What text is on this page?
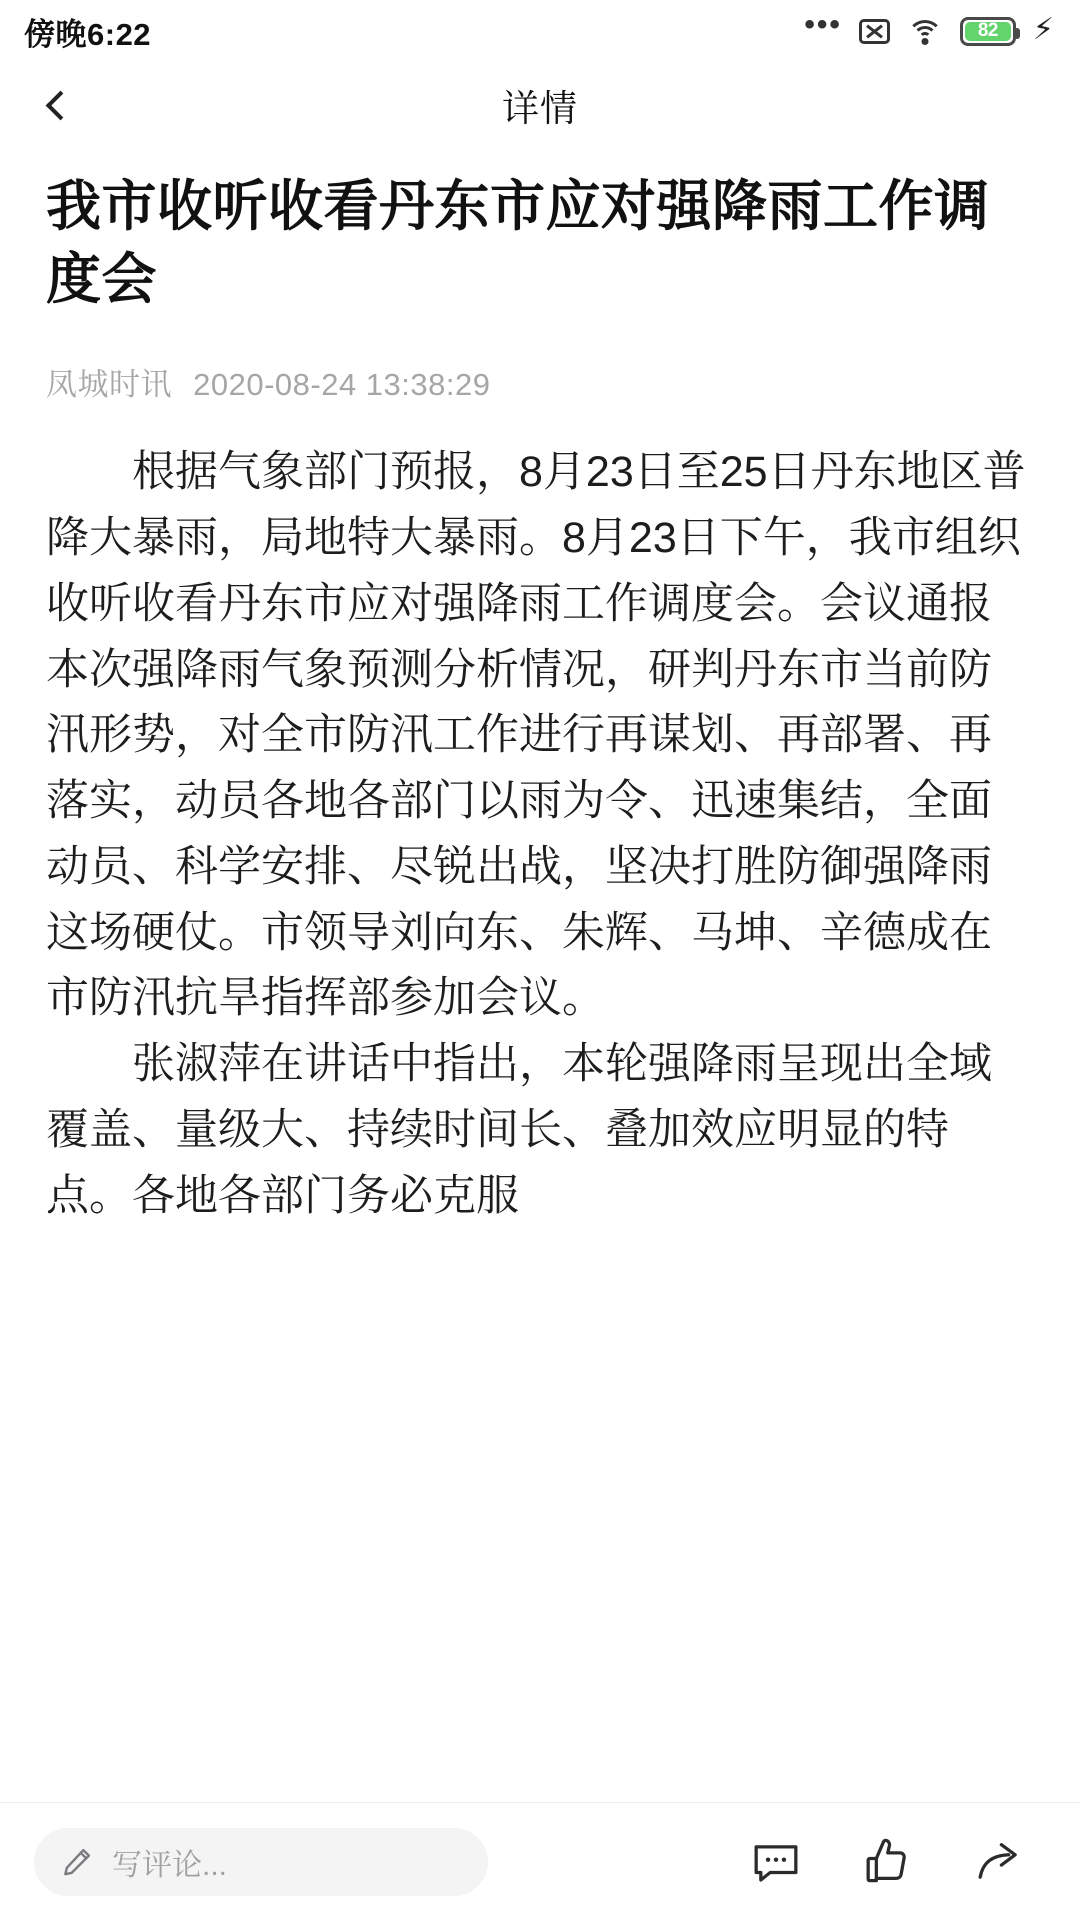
傍晚6:22	•••	82 ⚡
详情
我市收听收看丹东市应对强降雨工作调度会
凤城时讯 2020-08-24 13:38:29

根据气象部门预报，8月23日至25日丹东地区普降大暴雨，局地特大暴雨。8月23日下午，我市组织收听收看丹东市应对强降雨工作调度会。会议通报本次强降雨气象预测分析情况，研判丹东市当前防汛形势，对全市防汛工作进行再谋划、再部署、再落实，动员各地各部门以雨为令、迅速集结，全面动员、科学安排、尽锐出战，坚决打胜防御强降雨这场硬仗。市领导刘向东、朱辉、马坤、辛德成在市防汛抗旱指挥部参加会议。

张淑萍在讲话中指出，本轮强降雨呈现出全域覆盖、量级大、持续时间长、叠加效应明显的特点。各地各部门务必克服

写评论...
